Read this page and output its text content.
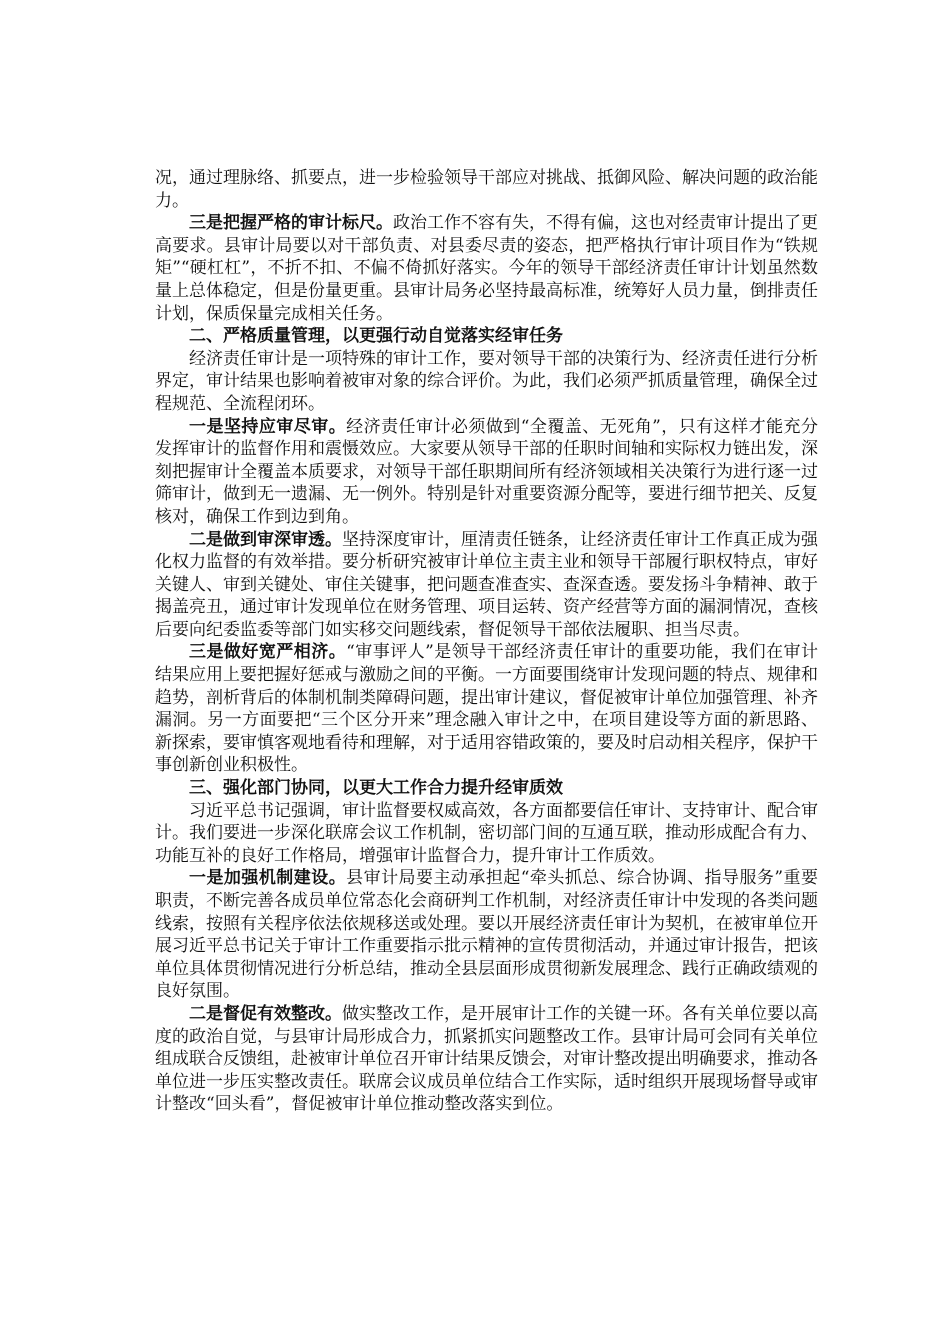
况，通过理脉络、抓要点，进一步检验领导干部应对挑战、抵御风险、解决问题的政治能力。

三是把握严格的审计标尺。政治工作不容有失，不得有偏，这也对经责审计提出了更高要求。县审计局要以对干部负责、对县委尽责的姿态，把严格执行审计项目作为“铁规矩”“硬杠杠”，不折不扣、不偏不倚抓好落实。今年的领导干部经济责任审计计划虽然数量上总体稳定，但是份量更重。县审计局务必坚持最高标准，统筹好人员力量，倒排责任计划，保质保量完成相关任务。

二、严格质量管理，以更强行动自觉落实经审任务

经济责任审计是一项特殊的审计工作，要对领导干部的决策行为、经济责任进行分析界定，审计结果也影响着被审对象的综合评价。为此，我们必须严抓质量管理，确保全过程规范、全流程闭环。

一是坚持应审尽审。经济责任审计必须做到“全覆盖、无死角”，只有这样才能充分发挥审计的监督作用和震慑效应。大家要从领导干部的任职时间轴和实际权力链出发，深刻把握审计全覆盖本质要求，对领导干部任职期间所有经济领域相关决策行为进行逐一过筛审计，做到无一遗漏、无一例外。特别是针对重要资源分配等，要进行细节把关、反复核对，确保工作到边到角。

二是做到审深审透。坚持深度审计，厘清责任链条，让经济责任审计工作真正成为强化权力监督的有效举措。要分析研究被审计单位主责主业和领导干部履行职权特点，审好关键人、审到关键处、审住关键事，把问题查准查实、查深查透。要发扬斗争精神、敢于揭盖亮丑，通过审计发现单位在财务管理、项目运转、资产经营等方面的漏洞情况，查核后要向纪委监委等部门如实移交问题线索，督促领导干部依法履职、担当尽责。

三是做好宽严相济。“审事评人”是领导干部经济责任审计的重要功能，我们在审计结果应用上要把握好惩戒与激励之间的平衡。一方面要围绕审计发现问题的特点、规律和趋势，剖析背后的体制机制类障碍问题，提出审计建议，督促被审计单位加强管理、补齐漏洞。另一方面要把“三个区分开来”理念融入审计之中，在项目建设等方面的新思路、新探索，要审慎客观地看待和理解，对于适用容错政策的，要及时启动相关程序，保护干事创新创业积极性。

三、强化部门协同，以更大工作合力提升经审质效

习近平总书记强调，审计监督要权威高效，各方面都要信任审计、支持审计、配合审计。我们要进一步深化联席会议工作机制，密切部门间的互通互联，推动形成配合有力、功能互补的良好工作格局，增强审计监督合力，提升审计工作质效。

一是加强机制建设。县审计局要主动承担起“牵头抓总、综合协调、指导服务”重要职责，不断完善各成员单位常态化会商研判工作机制，对经济责任审计中发现的各类问题线索，按照有关程序依法依规移送或处理。要以开展经济责任审计为契机，在被审单位开展习近平总书记关于审计工作重要指示批示精神的宣传贯彻活动，并通过审计报告，把该单位具体贯彻情况进行分析总结，推动全县层面形成贯彻新发展理念、践行正确政绩观的良好氛围。

二是督促有效整改。做实整改工作，是开展审计工作的关键一环。各有关单位要以高度的政治自觉，与县审计局形成合力，抓紧抓实问题整改工作。县审计局可会同有关单位组成联合反馈组，赴被审计单位召开审计结果反馈会，对审计整改提出明确要求，推动各单位进一步压实整改责任。联席会议成员单位结合工作实际，适时组织开展现场督导或审计整改“回头看”，督促被审计单位推动整改落实到位。
